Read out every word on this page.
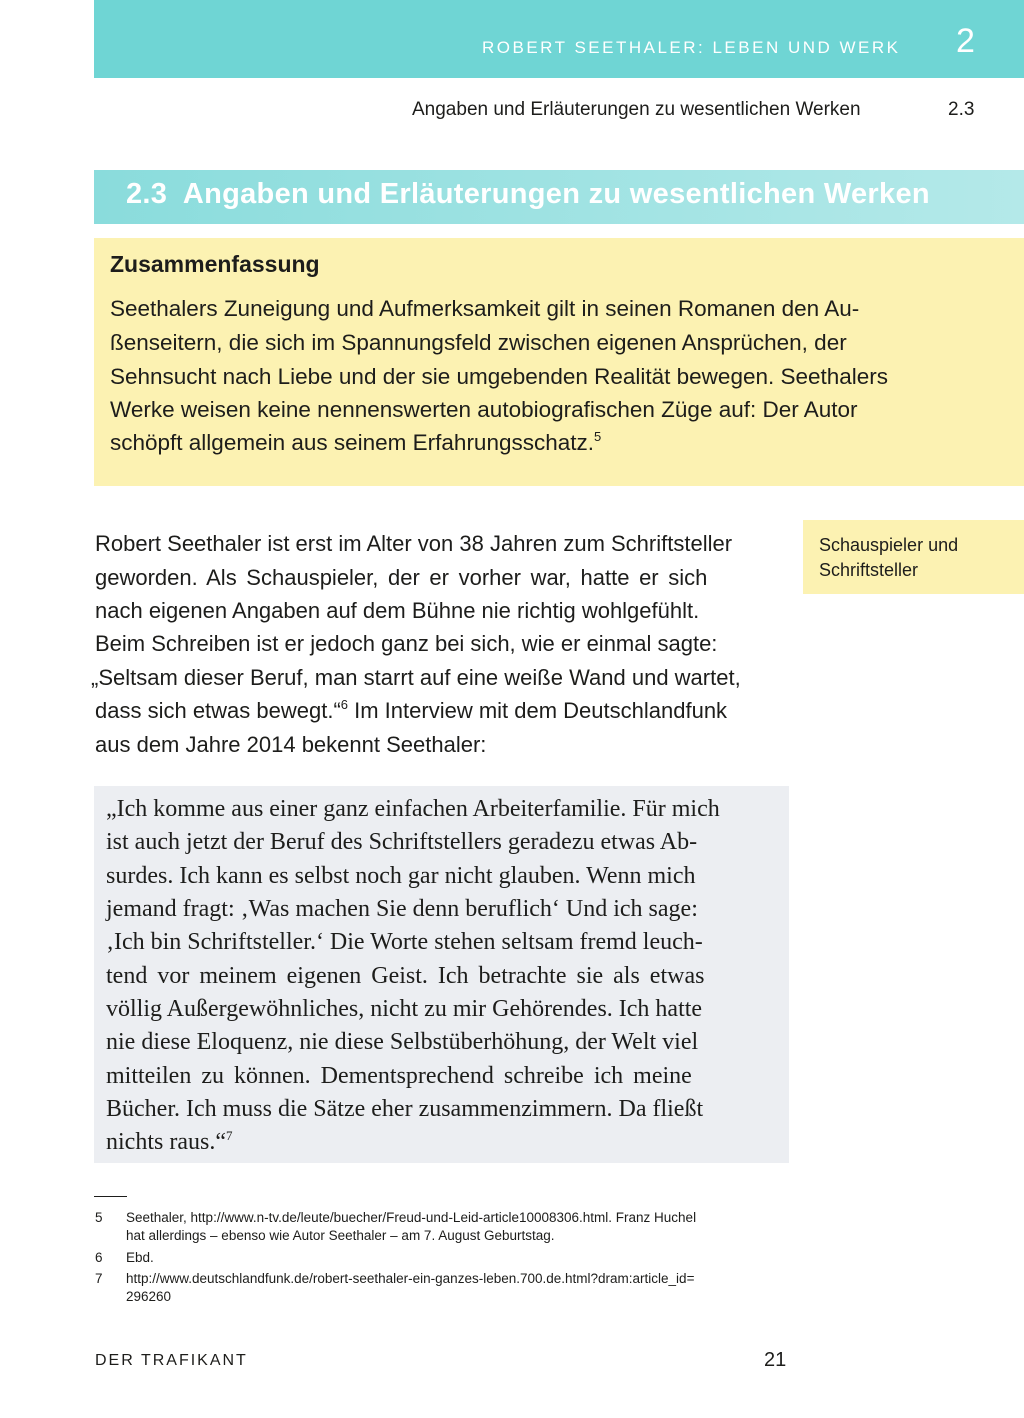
ROBERT SEETHALER: LEBEN UND WERK 2
Angaben und Erläuterungen zu wesentlichen Werken	2.3
2.3  Angaben und Erläuterungen zu wesentlichen Werken
Zusammenfassung
Seethalers Zuneigung und Aufmerksamkeit gilt in seinen Romanen den Au-
ßenseitern, die sich im Spannungsfeld zwischen eigenen Ansprüchen, der
Sehnsucht nach Liebe und der sie umgebenden Realität bewegen. Seethalers
Werke weisen keine nennenswerten autobiografischen Züge auf: Der Autor
schöpft allgemein aus seinem Erfahrungsschatz.$^5$
Schauspieler und
Schriftsteller
Robert Seethaler ist erst im Alter von 38 Jahren zum Schriftsteller
geworden. Als Schauspieler, der er vorher war, hatte er sich
nach eigenen Angaben auf dem Bühne nie richtig wohlgefühlt.
Beim Schreiben ist er jedoch ganz bei sich, wie er einmal sagte:
„Seltsam dieser Beruf, man starrt auf eine weiße Wand und wartet,
dass sich etwas bewegt.“$^6$ Im Interview mit dem Deutschlandfunk
aus dem Jahre 2014 bekennt Seethaler:
„Ich komme aus einer ganz einfachen Arbeiterfamilie. Für mich
ist auch jetzt der Beruf des Schriftstellers geradezu etwas Ab-
surdes. Ich kann es selbst noch gar nicht glauben. Wenn mich
jemand fragt: ‚Was machen Sie denn beruflich‘ Und ich sage:
‚Ich bin Schriftsteller.‘ Die Worte stehen seltsam fremd leuch-
tend vor meinem eigenen Geist. Ich betrachte sie als etwas
völlig Außergewöhnliches, nicht zu mir Gehörendes. Ich hatte
nie diese Eloquenz, nie diese Selbstüberhöhung, der Welt viel
mitteilen zu können. Dementsprechend schreibe ich meine
Bücher. Ich muss die Sätze eher zusammenzimmern. Da fließt
nichts raus.“$^7$
5 Seethaler, http://www.n-tv.de/leute/buecher/Freud-und-Leid-article10008306.html. Franz Huchel
hat allerdings – ebenso wie Autor Seethaler – am 7. August Geburtstag.
6 Ebd.
7 http://www.deutschlandfunk.de/robert-seethaler-ein-ganzes-leben.700.de.html?dram:article_id=
296260
DER TRAFIKANT	21
